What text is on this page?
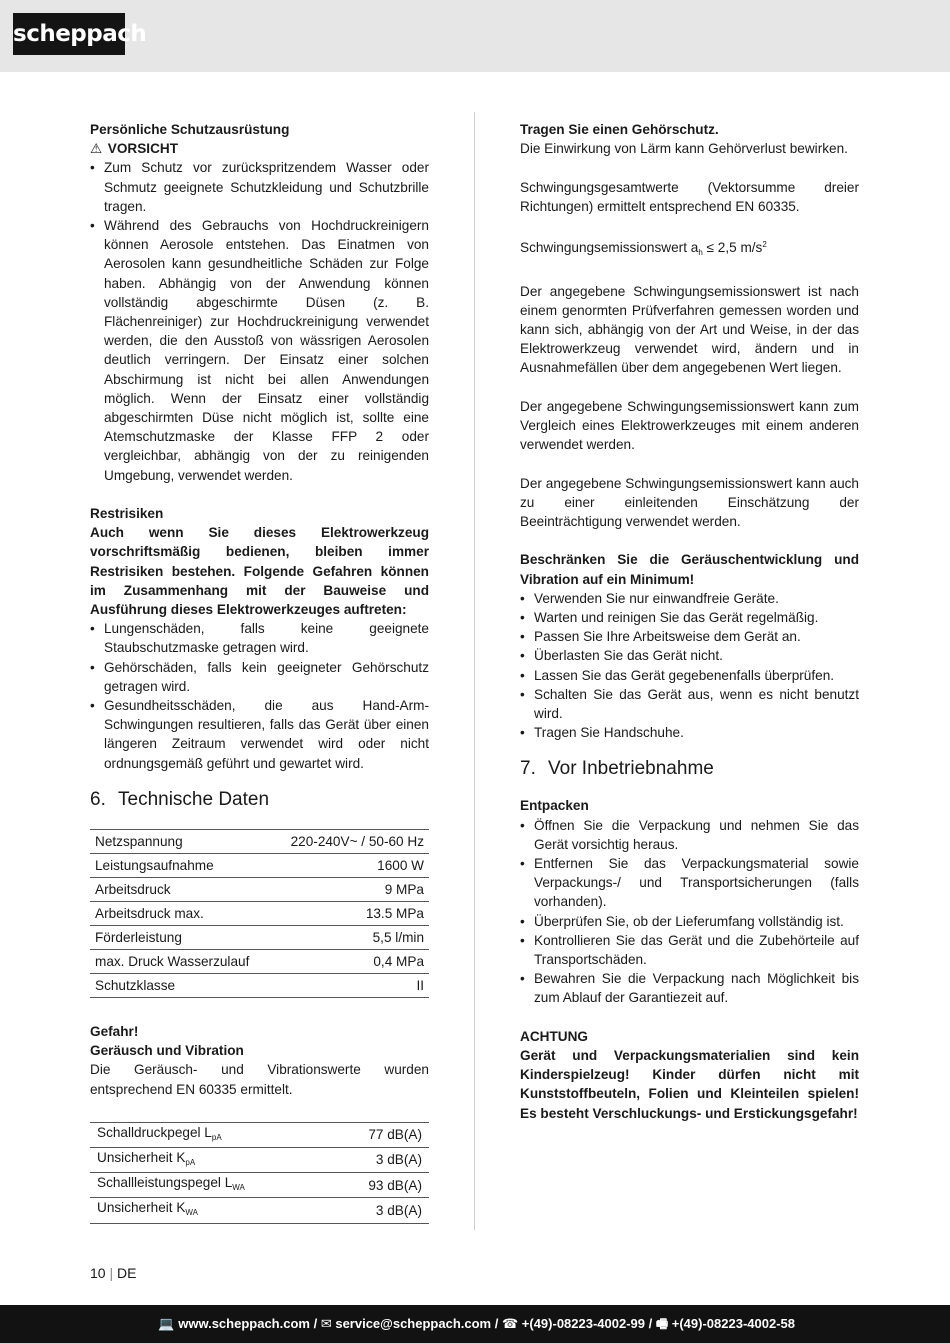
scheppach

Persönliche Schutzausrüstung

⚠ VORSICHT

• Zum Schutz vor zurückspritzendem Wasser oder Schmutz geeignete Schutzkleidung und Schutzbrille tragen.
• Während des Gebrauchs von Hochdruckreinigern können Aerosole entstehen. Das Einatmen von Aerosolen kann gesundheitliche Schäden zur Folge haben. Abhängig von der Anwendung können vollständig abgeschirmte Düsen (z. B. Flächenreiniger) zur Hochdruckreinigung verwendet werden, die den Ausstoß von wässrigen Aerosolen deutlich verringern. Der Einsatz einer solchen Abschirmung ist nicht bei allen Anwendungen möglich. Wenn der Einsatz einer vollständig abgeschirmten Düse nicht möglich ist, sollte eine Atemschutzmaske der Klasse FFP 2 oder vergleichbar, abhängig von der zu reinigenden Umgebung, verwendet werden.

Restrisiken

Auch wenn Sie dieses Elektrowerkzeug vorschriftsmäßig bedienen, bleiben immer Restrisiken bestehen. Folgende Gefahren können im Zusammenhang mit der Bauweise und Ausführung dieses Elektrowerkzeuges auftreten:

• Lungenschäden, falls keine geeignete Staubschutzmaske getragen wird.
• Gehörschäden, falls kein geeigneter Gehörschutz getragen wird.
• Gesundheitsschäden, die aus Hand-Arm- Schwingungen resultieren, falls das Gerät über einen längeren Zeitraum verwendet wird oder nicht ordnungsgemäß geführt und gewartet wird.
6. Technische Daten
Netzspannung	220-240V~ / 50-60 Hz
Leistungsaufnahme	1600 W
Arbeitsdruck	9 MPa
Arbeitsdruck max.	13.5 MPa
Förderleistung	5,5 l/min
max. Druck Wasserzulauf	0,4 MPa
Schutzklasse	II

Gefahr!

Geräusch und Vibration

Die Geräusch- und Vibrationswerte wurden entsprechend EN 60335 ermittelt.

Schalldruckpegel $L_{pA}$	77 dB(A)
Unsicherheit $K_{pA}$	3 dB(A)
Schallleistungspegel $L_{WA}$	93 dB(A)
Unsicherheit $K_{WA}$	3 dB(A)

Tragen Sie einen Gehörschutz.

Die Einwirkung von Lärm kann Gehörverlust bewirken.

Schwingungsgesamtwerte (Vektorsumme dreier Richtungen) ermittelt entsprechend EN 60335.

Schwingungsemissionswert $a_h \le 2,5$ $m/s^2$

Der angegebene Schwingungsemissionswert ist nach einem genormten Prüfverfahren gemessen worden und kann sich, abhängig von der Art und Weise, in der das Elektrowerkzeug verwendet wird, ändern und in Ausnahmefällen über dem angegebenen Wert liegen.

Der angegebene Schwingungsemissionswert kann zum Vergleich eines Elektrowerkzeuges mit einem anderen verwendet werden.

Der angegebene Schwingungsemissionswert kann auch zu einer einleitenden Einschätzung der Beeinträchtigung verwendet werden.

Beschränken Sie die Geräuschentwicklung und Vibration auf ein Minimum!

• Verwenden Sie nur einwandfreie Geräte.
• Warten und reinigen Sie das Gerät regelmäßig.
• Passen Sie Ihre Arbeitsweise dem Gerät an.
• Überlasten Sie das Gerät nicht.
• Lassen Sie das Gerät gegebenenfalls überprüfen.
• Schalten Sie das Gerät aus, wenn es nicht benutzt wird.
• Tragen Sie Handschuhe.
7. Vor Inbetriebnahme

Entpacken

• Öffnen Sie die Verpackung und nehmen Sie das Gerät vorsichtig heraus.
• Entfernen Sie das Verpackungsmaterial sowie Verpackungs-/ und Transportsicherungen (falls vorhanden).
• Überprüfen Sie, ob der Lieferumfang vollständig ist.
• Kontrollieren Sie das Gerät und die Zubehörteile auf Transportschäden.
• Bewahren Sie die Verpackung nach Möglichkeit bis zum Ablauf der Garantiezeit auf.

ACHTUNG

Gerät und Verpackungsmaterialien sind kein Kinderspielzeug! Kinder dürfen nicht mit Kunststoffbeuteln, Folien und Kleinteilen spielen! Es besteht Verschluckungs- und Erstickungsgefahr!

10 | DE
💻 www.scheppach.com / ✉ service@scheppach.com / ☎ +(49)-08223-4002-99 / 🖷 +(49)-08223-4002-58
